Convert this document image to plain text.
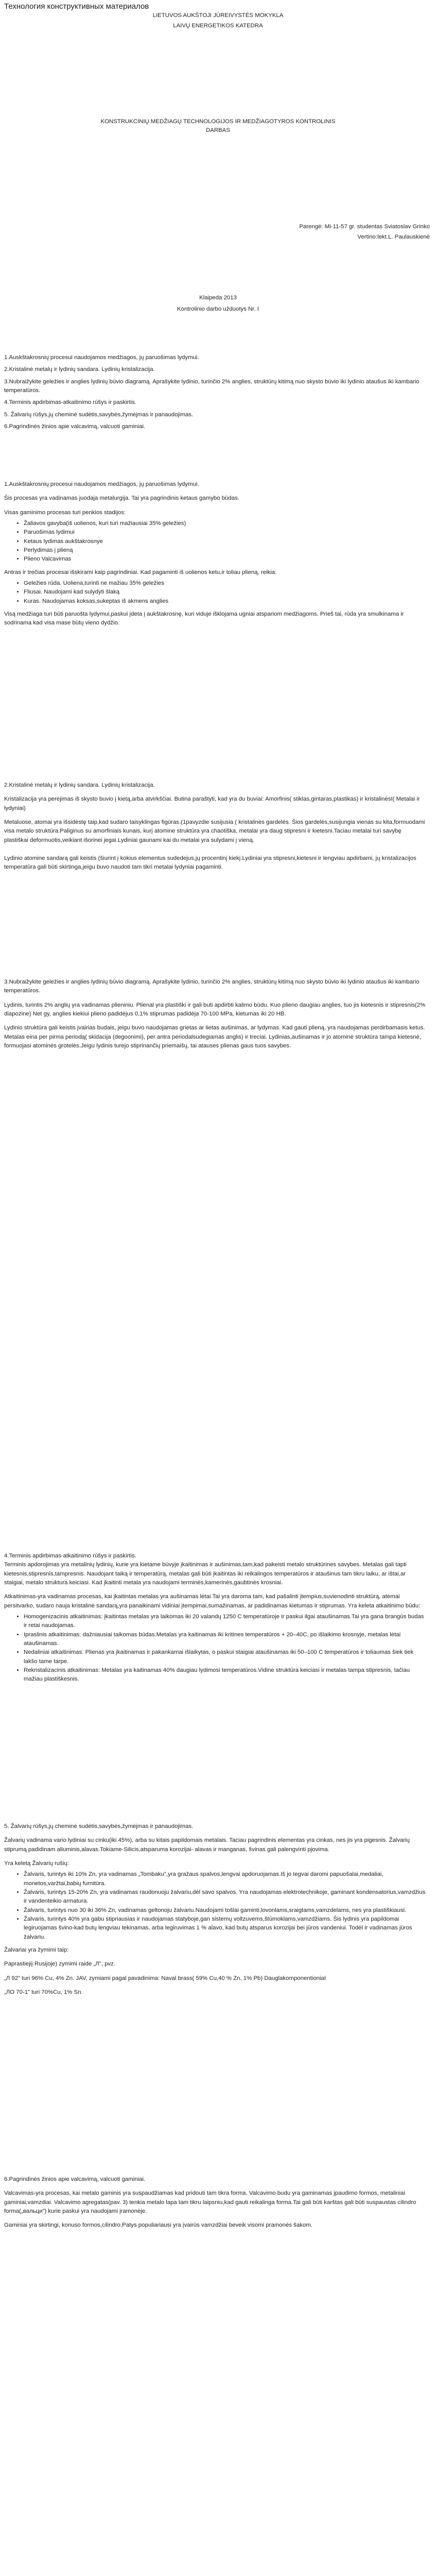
Технология конструктивных материалов
LIETUVOS AUKŠTOJI JŪREIVYSTĖS MOKYKLA
LAIVŲ ENERGETIKOS KATEDRA
KONSTRUKCINIŲ MEDŽIAGŲ TECHNOLOGIJOS IR MEDŽIAGOTYROS KONTROLINIS
DARBAS
Parengė: Mi-11-57 gr. studentas Sviatoslav Grinko
Vertino:lekt.L. Paulauskienė
Klaipeda 2013
Kontrolinio darbo užduotys Nr. I

1.Auskštakrosnių procesui naudojamos medžiagos, jų paruošimas lydymui.

2.Kristalinė metalų ir lydinių sandara. Lydinių kristalizacija.

3.Nubraižykite geležies ir anglies lydinių būvio diagramą. Aprašykite lydinio, turinčio 2% anglies, struktūrų kitimą nuo skysto būvio iki lydinio ataušus iki kambario temperatūros.

4.Terminis apdirbimas-atkaitinimo rūšys ir paskirtis.

5. Žalvarių rūšys,jų cheminė sudėtis,savybės,žymėjmas ir panaudojimas.

6.Pagrindinės žinios apie valcavimą, valcuoti gaminiai.

1.Auskštakrosnių procesui naudojamos medžiagos, jų paruošimas lydymui.

Šis procesas yra vadinamas juodaja metalurgija. Tai yra pagrindinis ketaus gamybo būdas.

Visas gaminimo procesas turi penkios stadijos:

• Žaliavos gavyba(iš uolienos, kuri turi mažiausiai 35% geležies)
• Paruošimas lydimui
• Ketaus lydimas aukštakrosnye
• Perlydimas į plieną
• Plieno Valcavimas

Antras ir trečias procesai išskirami kaip pagrindiniai. Kad pagaminti iš uolienos ketu,ir toliau plieną, reikia:

• Geležies rūda. Uoliena,turinti ne mažiau 35% geležies
• Fliusai. Naudojami kad sulydyti šlaką
• Kuras. Naudojamas koksas,sukeptas iš akmens anglies

Visą medžiaga turi būti paruošta lydymui,paskui įdeta į aukštakrosnę, kuri viduje išklojama ugniai atspariom medžiagoms. Prieš tai, rūda yra smulkinama ir sodrinama kad visa mase būtų vieno dydžio.

2.Kristalinė metalų ir lydinių sandara. Lydinių kristalizacija.

Kristalizacija yra perėjimas iš skysto buvio į kietą,arba atvirkščiai. Butina paraštyti, kad yra du buviai: Amorfinis( stiklas,gintaras,plastikas) ir kristalinėsI( Metalai ir lydyniai)

Metaluose, atomai yra išsidėstę taip,kad sudaro taisyklingas figūras.(1pavyzdie susijusia ( kristalinės gardelės. Šios gardelės,susijungia vienas su kita,formuodami visa metalo struktūra.Paliginus su amorfiniais kunais, kurį atomine struktūra yra chaotiška, metalai yra daug stipresni ir kietesni.Taciau metalai turi savybę plastiškai deformuotis,veikiant išorinei jegai.Lydiniai gaunami kai du metalai yra sulydami į vieną.

Lydinio atomine sandarą gali keistis (šiurint į kokius elementus sudedejus,jų procentinį kiekį.Lydiniai yra stipresni,kietesni ir lengviau apdirbami, jų kristalizacijos temperatūra gali būti skirtinga,jeigu buvo naudoti tam tikri metalai lydyniai pagaminti.

3.Nubraižykite geležies ir anglies lydinių būvio diagramą. Aprašykite lydinio, turinčio 2% anglies, struktūrų kitimą nuo skysto būvio iki lydinio ataušus iki kambario temperatūros.

Lydinis, turintis 2% anglių yra vadinamas plieniniu. Plienal yra plastiški ir gali buti apdirbti kalimo būdu. Kuo plieno daugiau anglies, tuo jis kietesnis ir stipresnis(2% diapozine) Net gy, anglies kiekiui plieno padidėjus 0,1% stiprumas padidėja 70-100 MPa, kietumas iki 20 HB.

Lydinio struktūra gali keistis įvairias budais, jeigu buvo naudojamas grietas ar lietas aušinimas, ar lydymas. Kad gauti plieną, yra naudojamas perdirbamasis ketus. Metalas eina per pirma periodą( skidacija (degoonimi), per antra periodalsudegiamas anglis) ir treciai. Lydinias,aušinamas ir jo atominė struktūra tampa kietesnė, formuojasi atominės grotelės.Jeigu lydinis turejo stiprinančių priemaišų, tai atauses plienas gaus tuos savybes.

4.Terminis apdirbimas-atkaitinimo rūšys ir paskirtis.

Terminis apdorojimas yra metalinių lydinių, kurie yra kietame būvyje įkaitinimas ir aušinimas,tam,kad pakeisti metalo struktūrines savybes. Metalas gali tapti kietesnis,stipresnis,tampresnis. Naudojant taiką ir temperatūrą, metalas gali būti įkaitintas iki reikalingos temperatūros ir ataušinus tam tikru laiku, ar ištai,ar staigiai, metalo struktura keiciasi. Kad įkaitinti metala yra naudojami terminės,kamerinės,gaubtinės krosniai.

Atkaitinimas-yra vadinamas procesas, kai įkaitintas metalas yra aušinamas lėtai.Tai yra daroma tam, kad pašalinti įtempius,suvienodinti struktūrą, atėmai persitvarko, sudaro nauja kristalinė sandarą,yra panaikinami vidiniai įtempimai,sumažinamas, ar padidinamas kietumas ir stiprumas. Yra keleta atkaitinimo būdu:

• Homogenizacinis atkaitinimas: įkaitintas metalas yra laikomas iki 20 valandų 1250 C temperatūroje ir paskui ilgai ataušinamas.Tai yra gana brangūs budas ir retai naudojamas.
• Ipraslinis atkaitinimas: dažniausiai taikomas būdas.Metalas yra kaitinamas iki kritines temperatūros + 20–40C, po išlaikimo krosnyje, metalas lėtai ataušinamas.
• Nedaliniai atkaitinimas: Plienas yra įkaitinamas ir pakankamai išlaikytas, o paskui staigiai ataušinamas iki 50–100 C temperatūros ir toliaumas šiek tiek lakšo tame tarpe.
• Rekristalizacinis atkaitinimas: Metalas yra kaitinamas 40% daugiau lydimosi temperatūros.Vidine struktūra keiciasi ir metalas tampa stipresnis, tačiau mažiau plastiškesnis.

5. Žalvarių rūšys,jų cheminė sudėtis,savybės,žymėjmas ir panaudojimas.

Žalvarių vadinama vario lydiniai su cinku(iki 45%), arba su kitais papildomais metalais. Taciau pagrindinis elementas yra cinkas, nes jis yra pigesnis. Žalvarių stiprumą padidinam aliuminis,alavas.Tokiame-Silicis,atsparuma korozijai- alavas ir manganas, švinas gali palengvinti pjovima.

Yra keletą Žalvarių rušių:

• Žalvaris, turintys iki 10% Zn, yra vadinamas „Tombaku",yra gražaus spalvos,lengvai apdoruojamas.Iš jo Iegvai daromi papuošalai,medaliai, monetos,varžtai,babių furnitūra.
• Žalvaris, turintys 15-20% Zn, yra vadinamas raudonuoju žalvariu,dėl savo spalvos. Yra naudojamas elektrotechnikoje, gaminant kondensatorius,vamzdžius ir vandenteikio armatura.
• Žalvaris, turintys nuo 30 iki 36% Zn, vadinamas geltonoju žalvariu.Naudojami tošlai gaminti,lovonlams,sraigtams,vamzdelams, nes yra plastiškiausi.
• Žalvaris, turintys 40% yra gabu stipriausias ir naudojamas statyboje,gan sistemų voltzuvems,štūmoklams,vamzdžiams. Šis lydinis yra papildomai legiruojamas švino-kad butų lengviau tekinamas, arba legiruvimas 1 % alavo, kad butų atsparus korozijai bei jūros vandeniui. Todėl ir vadinamas jūros žalvariu.

Žalvariai yra žymimi taip:

Paprastiejiį Rusijoje) zymimi raide „Л", pvz.

„Л 92" turi 96% Cu, 4% Zn. JAV, zymiami pagal pavadinima: Naval brass( 59% Cu,40 % Zn, 1% Pb) DauglakomponentioniaI

„ЛО 70-1" turi 70%Cu, 1% Sn.

6.Pagrindinės žinios apie valcavimą, valcuoti gaminiai.

Valcavimas-yra procesas, kai metalo gaminis yra suspaudžiamas kad pridouti tam tikra forma. Valcavimo budu yra gaminamas įpaudimo formos, metaliniai gaminiai,vamzdiai. Valcavimo agregatas(pav. 3) tenkia metalo lapa tam tikru laipsniu,kad gauti reikalinga forma.Tai gali būti karštas gali būti suspaustas cilindro forma(„вальци") kurie paskui yra naudojami įramonėje.

Gaminiai yra skirtingi, konuso formos,cilindro.Patys populiariausi yra įvairūs vamzdžiai beveik visomi pramonės šakom.
